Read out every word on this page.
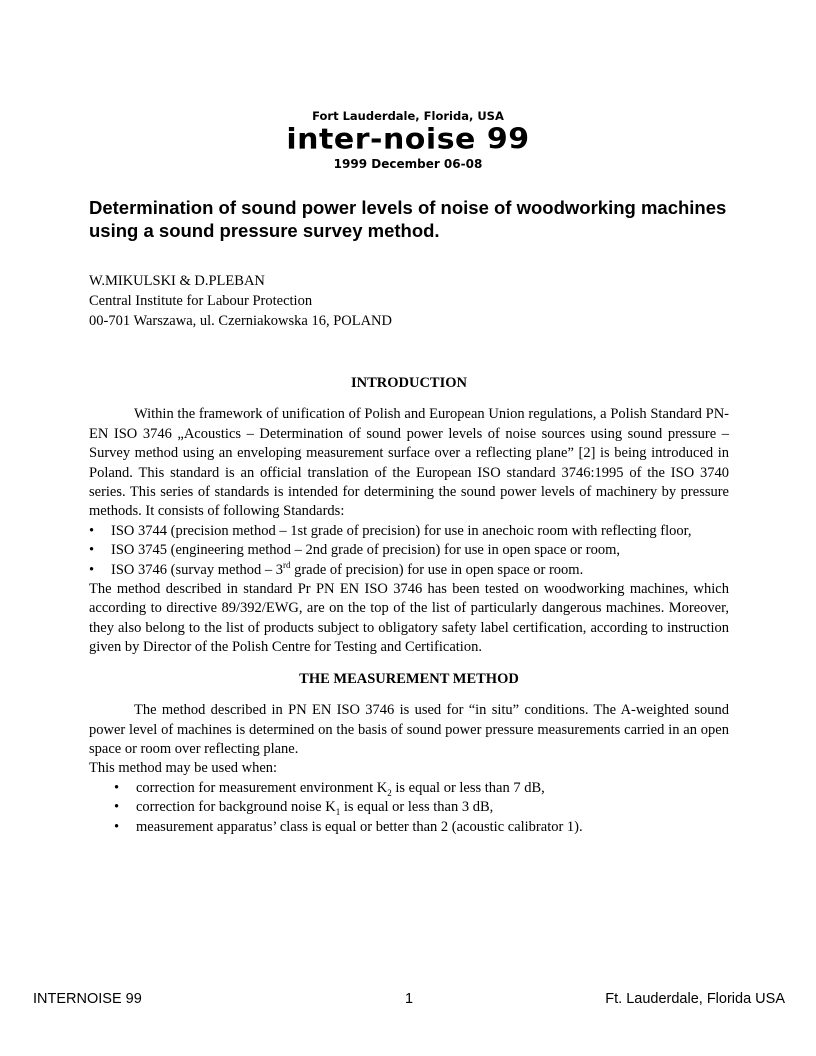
Fort Lauderdale, Florida, USA
inter-noise 99
1999 December 06-08
Determination of sound power levels of noise of woodworking machines using a sound pressure survey method.
W.MIKULSKI & D.PLEBAN
Central Institute for Labour Protection
00-701 Warszawa, ul. Czerniakowska 16, POLAND
INTRODUCTION

Within the framework of unification of Polish and European Union regulations, a Polish Standard PN-EN ISO 3746 „Acoustics – Determination of sound power levels of noise sources using sound pressure – Survey method using an enveloping measurement surface over a reflecting plane” [2] is being introduced in Poland. This standard is an official translation of the European ISO standard 3746:1995 of the ISO 3740 series. This series of standards is intended for determining the sound power levels of machinery by pressure methods. It consists of following Standards:

• ISO 3744 (precision method – 1st grade of precision) for use in anechoic room with reflecting floor,
• ISO 3745 (engineering method – 2nd grade of precision) for use in open space or room,
• ISO 3746 (survay method – 3rd grade of precision) for use in open space or room.

The method described in standard Pr PN EN ISO 3746 has been tested on woodworking machines, which according to directive 89/392/EWG, are on the top of the list of particularly dangerous machines. Moreover, they also belong to the list of products subject to obligatory safety label certification, according to instruction given by Director of the Polish Centre for Testing and Certification.

THE MEASUREMENT METHOD

The method described in PN EN ISO 3746 is used for “in situ” conditions. The A-weighted sound power level of machines is determined on the basis of sound power pressure measurements carried in an open space or room over reflecting plane.

This method may be used when:
• correction for measurement environment $K_2$ is equal or less than 7 dB,
• correction for background noise $K_1$ is equal or less than 3 dB,
• measurement apparatus’ class is equal or better than 2 (acoustic calibrator 1).
INTERNOISE 99	1	Ft. Lauderdale, Florida USA
